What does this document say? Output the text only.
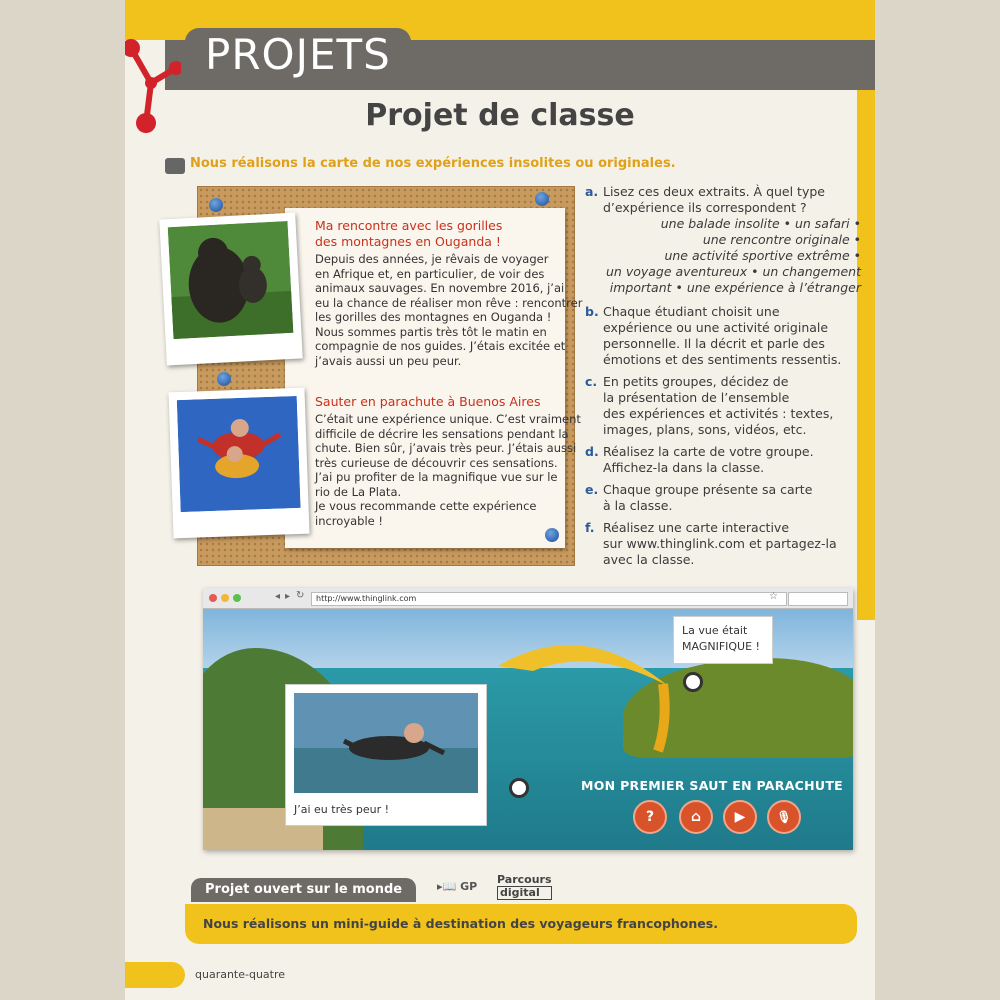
PROJETS
Projet de classe
Nous réalisons la carte de nos expériences insolites ou originales.
Ma rencontre avec les gorilles
des montagnes en Ouganda !
Depuis des années, je rêvais de voyager
en Afrique et, en particulier, de voir des
animaux sauvages. En novembre 2016, j’ai
eu la chance de réaliser mon rêve : rencontrer
les gorilles des montagnes en Ouganda !
Nous sommes partis très tôt le matin en
compagnie de nos guides. J’étais excitée et
j’avais aussi un peu peur.
Sauter en parachute à Buenos Aires
C’était une expérience unique. C’est vraiment
difficile de décrire les sensations pendant la
chute. Bien sûr, j’avais très peur. J’étais aussi
très curieuse de découvrir ces sensations.
J’ai pu profiter de la magnifique vue sur le
rio de La Plata.
Je vous recommande cette expérience
incroyable !
a. Lisez ces deux extraits. À quel type
d’expérience ils correspondent ?
une balade insolite • un safari •
une rencontre originale •
une activité sportive extrême •
un voyage aventureux • un changement
important • une expérience à l’étranger
b. Chaque étudiant choisit une
expérience ou une activité originale
personnelle. Il la décrit et parle des
émotions et des sentiments ressentis.
c. En petits groupes, décidez de
la présentation de l’ensemble
des expériences et activités : textes,
images, plans, sons, vidéos, etc.
d. Réalisez la carte de votre groupe.
Affichez-la dans la classe.
e. Chaque groupe présente sa carte
à la classe.
f. Réalisez une carte interactive
sur www.thinglink.com et partagez-la
avec la classe.
◂ ▸ ↻	http://www.thinglink.com	☆
La vue était
MAGNIFIQUE !
J’ai eu très peur !
MON PREMIER SAUT EN PARACHUTE
?	⌂	▶	🎙
Projet ouvert sur le monde	▸📖 GP
Parcours
digital
Nous réalisons un mini-guide à destination des voyageurs francophones.
quarante-quatre
